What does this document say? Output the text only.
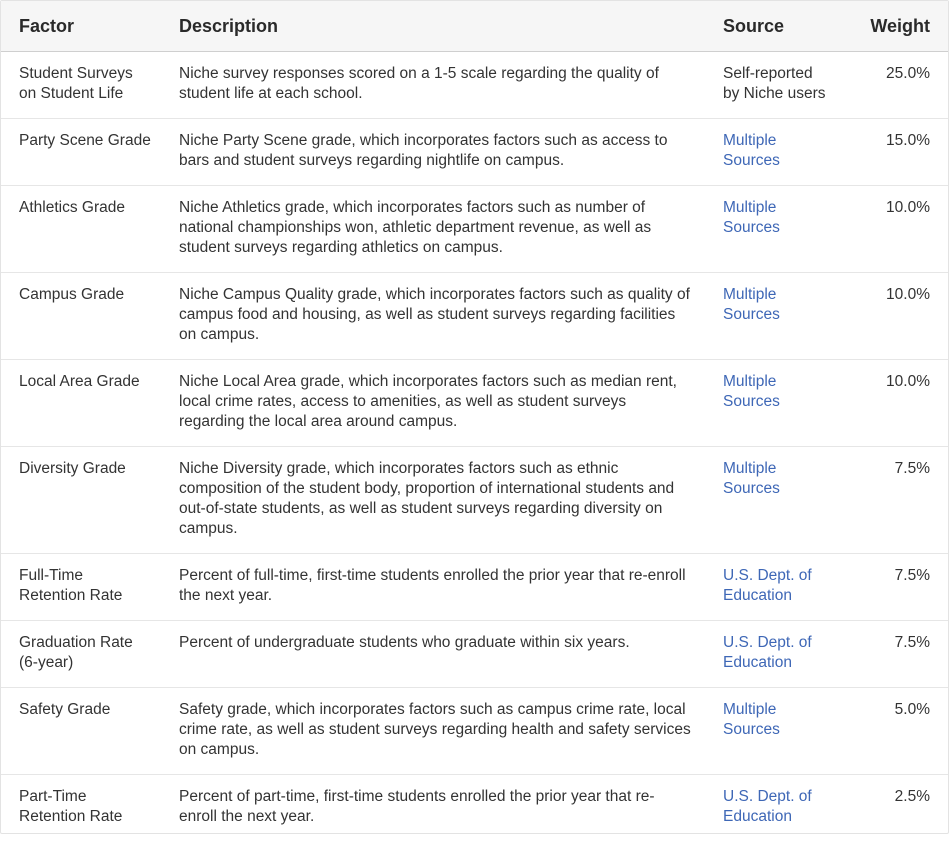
Factor	Description	Source	Weight
Student Surveys on Student Life	Niche survey responses scored on a 1-5 scale regarding the quality of student life at each school.	Self-reported by Niche users	25.0%
Party Scene Grade	Niche Party Scene grade, which incorporates factors such as access to bars and student surveys regarding nightlife on campus.	Multiple Sources	15.0%
Athletics Grade	Niche Athletics grade, which incorporates factors such as number of national championships won, athletic department revenue, as well as student surveys regarding athletics on campus.	Multiple Sources	10.0%
Campus Grade	Niche Campus Quality grade, which incorporates factors such as quality of campus food and housing, as well as student surveys regarding facilities on campus.	Multiple Sources	10.0%
Local Area Grade	Niche Local Area grade, which incorporates factors such as median rent, local crime rates, access to amenities, as well as student surveys regarding the local area around campus.	Multiple Sources	10.0%
Diversity Grade	Niche Diversity grade, which incorporates factors such as ethnic composition of the student body, proportion of international students and out-of-state students, as well as student surveys regarding diversity on campus.	Multiple Sources	7.5%
Full-Time Retention Rate	Percent of full-time, first-time students enrolled the prior year that re-enroll the next year.	U.S. Dept. of Education	7.5%
Graduation Rate (6-year)	Percent of undergraduate students who graduate within six years.	U.S. Dept. of Education	7.5%
Safety Grade	Safety grade, which incorporates factors such as campus crime rate, local crime rate, as well as student surveys regarding health and safety services on campus.	Multiple Sources	5.0%
Part-Time Retention Rate	Percent of part-time, first-time students enrolled the prior year that re-enroll the next year.	U.S. Dept. of Education	2.5%
